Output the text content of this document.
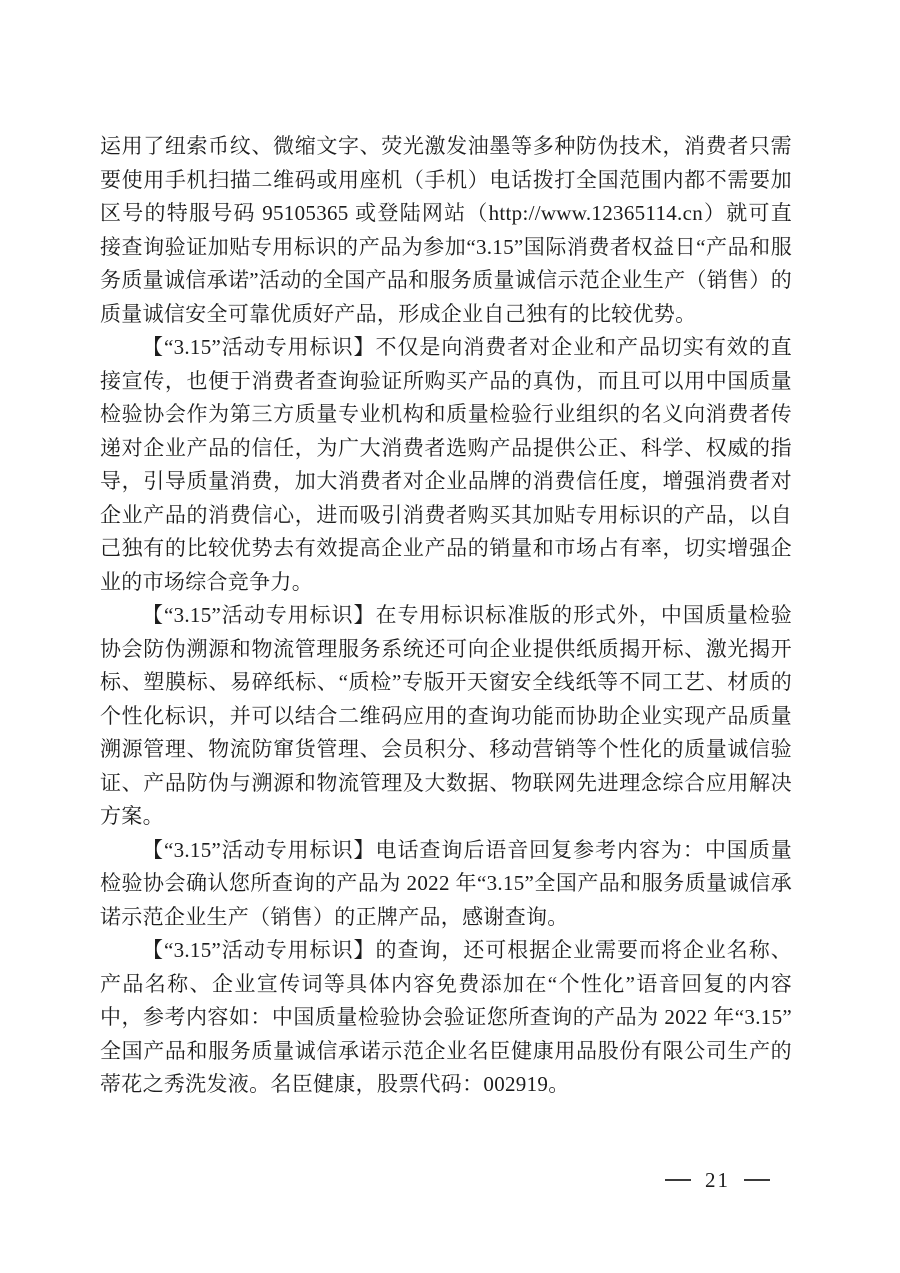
运用了纽索币纹、微缩文字、荧光激发油墨等多种防伪技术，消费者只需要使用手机扫描二维码或用座机（手机）电话拨打全国范围内都不需要加区号的特服号码 95105365 或登陆网站（http://www.12365114.cn）就可直接查询验证加贴专用标识的产品为参加“3.15”国际消费者权益日“产品和服务质量诚信承诺”活动的全国产品和服务质量诚信示范企业生产（销售）的质量诚信安全可靠优质好产品，形成企业自己独有的比较优势。

【“3.15”活动专用标识】不仅是向消费者对企业和产品切实有效的直接宣传，也便于消费者查询验证所购买产品的真伪，而且可以用中国质量检验协会作为第三方质量专业机构和质量检验行业组织的名义向消费者传递对企业产品的信任，为广大消费者选购产品提供公正、科学、权威的指导，引导质量消费，加大消费者对企业品牌的消费信任度，增强消费者对企业产品的消费信心，进而吸引消费者购买其加贴专用标识的产品，以自己独有的比较优势去有效提高企业产品的销量和市场占有率，切实增强企业的市场综合竞争力。

【“3.15”活动专用标识】在专用标识标准版的形式外，中国质量检验协会防伪溯源和物流管理服务系统还可向企业提供纸质揭开标、激光揭开标、塑膜标、易碎纸标、“质检”专版开天窗安全线纸等不同工艺、材质的个性化标识，并可以结合二维码应用的查询功能而协助企业实现产品质量溯源管理、物流防窜货管理、会员积分、移动营销等个性化的质量诚信验证、产品防伪与溯源和物流管理及大数据、物联网先进理念综合应用解决方案。

【“3.15”活动专用标识】电话查询后语音回复参考内容为：中国质量检验协会确认您所查询的产品为 2022 年“3.15”全国产品和服务质量诚信承诺示范企业生产（销售）的正牌产品，感谢查询。

【“3.15”活动专用标识】的查询，还可根据企业需要而将企业名称、产品名称、企业宣传词等具体内容免费添加在“个性化”语音回复的内容中，参考内容如：中国质量检验协会验证您所查询的产品为 2022 年“3.15”全国产品和服务质量诚信承诺示范企业名臣健康用品股份有限公司生产的蒂花之秀洗发液。名臣健康，股票代码：002919。

21
